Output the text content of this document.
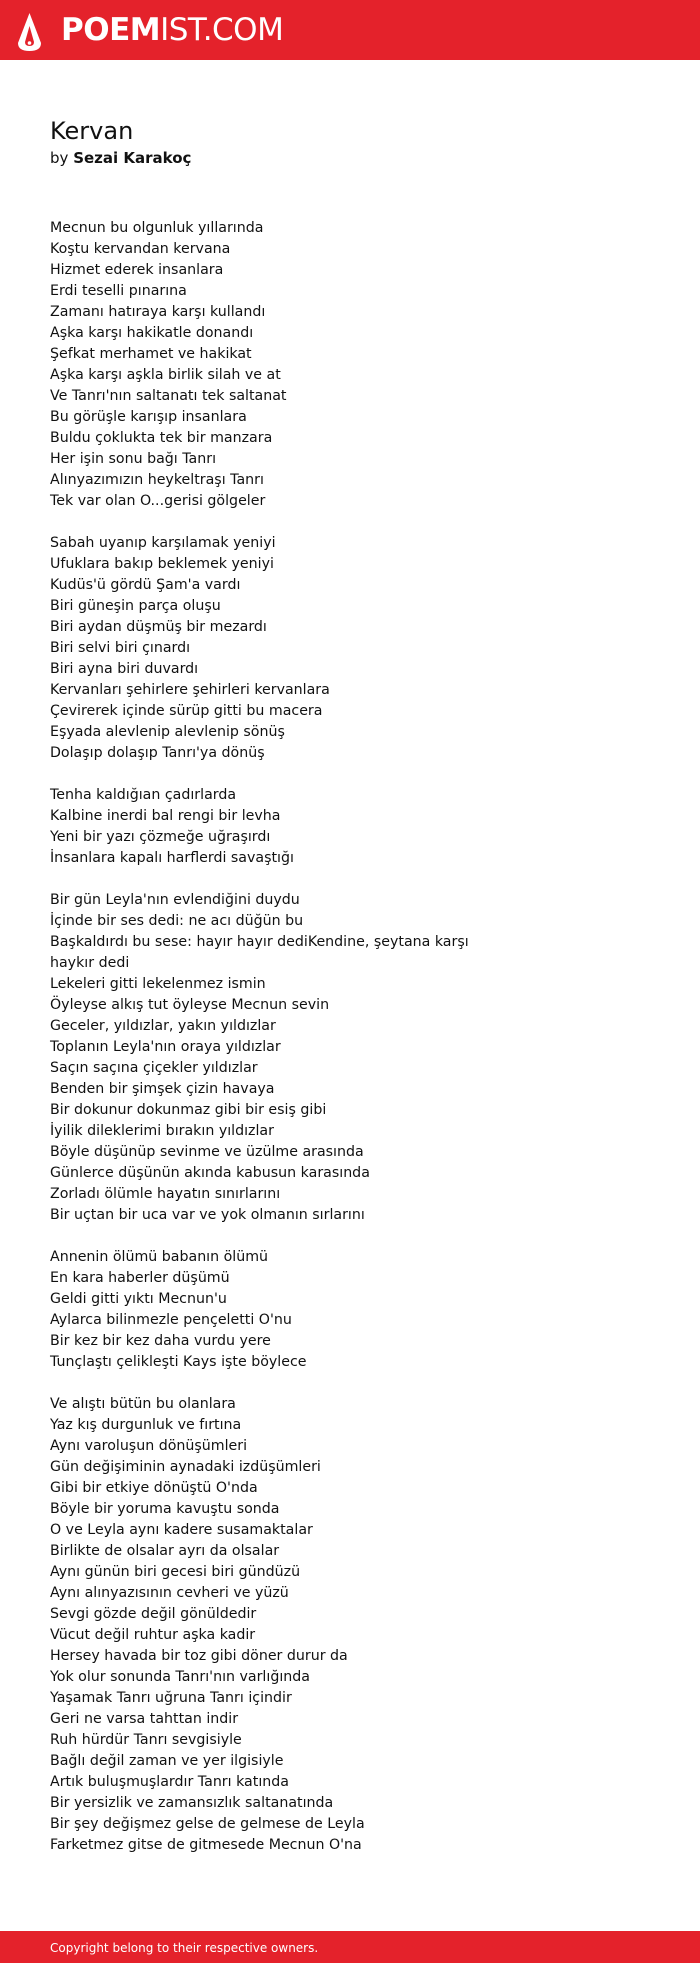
POEMIST.COM
Kervan
by Sezai Karakoç
Mecnun bu olgunluk yıllarında
Koştu kervandan kervana
Hizmet ederek insanlara
Erdi teselli pınarına
Zamanı hatıraya karşı kullandı
Aşka karşı hakikatle donandı
Şefkat merhamet ve hakikat
Aşka karşı aşkla birlik silah ve at
Ve Tanrı'nın saltanatı tek saltanat
Bu görüşle karışıp insanlara
Buldu çoklukta tek bir manzara
Her işin sonu bağı Tanrı
Alınyazımızın heykeltraşı Tanrı
Tek var olan O...gerisi gölgeler
Sabah uyanıp karşılamak yeniyi
Ufuklara bakıp beklemek yeniyi
Kudüs'ü gördü Şam'a vardı
Biri güneşin parça oluşu
Biri aydan düşmüş bir mezardı
Biri selvi biri çınardı
Biri ayna biri duvardı
Kervanları şehirlere şehirleri kervanlara
Çevirerek içinde sürüp gitti bu macera
Eşyada alevlenip alevlenip sönüş
Dolaşıp dolaşıp Tanrı'ya dönüş
Tenha kaldığıan çadırlarda
Kalbine inerdi bal rengi bir levha
Yeni bir yazı çözmeğe uğraşırdı
İnsanlara kapalı harflerdi savaştığı
Bir gün Leyla'nın evlendiğini duydu
İçinde bir ses dedi: ne acı düğün bu
Başkaldırdı bu sese: hayır hayır dediKendine, şeytana karşı haykır dedi
Lekeleri gitti lekelenmez ismin
Öyleyse alkış tut öyleyse Mecnun sevin
Geceler, yıldızlar, yakın yıldızlar
Toplanın Leyla'nın oraya yıldızlar
Saçın saçına çiçekler yıldızlar
Benden bir şimşek çizin havaya
Bir dokunur dokunmaz gibi bir esiş gibi
İyilik dileklerimi bırakın yıldızlar
Böyle düşünüp sevinme ve üzülme arasında
Günlerce düşünün akında kabusun karasında
Zorladı ölümle hayatın sınırlarını
Bir uçtan bir uca var ve yok olmanın sırlarını
Annenin ölümü babanın ölümü
En kara haberler düşümü
Geldi gitti yıktı Mecnun'u
Aylarca bilinmezle pençeletti O'nu
Bir kez bir kez daha vurdu yere
Tunçlaştı çelikleşti Kays işte böylece
Ve alıştı bütün bu olanlara
Yaz kış durgunluk ve fırtına
Aynı varoluşun dönüşümleri
Gün değişiminin aynadaki izdüşümleri
Gibi bir etkiye dönüştü O'nda
Böyle bir yoruma kavuştu sonda
O ve Leyla aynı kadere susamaktalar
Birlikte de olsalar ayrı da olsalar
Aynı günün biri gecesi biri gündüzü
Aynı alınyazısının cevheri ve yüzü
Sevgi gözde değil gönüldedir
Vücut değil ruhtur aşka kadir
Hersey havada bir toz gibi döner durur da
Yok olur sonunda Tanrı'nın varlığında
Yaşamak Tanrı uğruna Tanrı içindir
Geri ne varsa tahttan indir
Ruh hürdür Tanrı sevgisiyle
Bağlı değil zaman ve yer ilgisiyle
Artık buluşmuşlardır Tanrı katında
Bir yersizlik ve zamansızlık saltanatında
Bir şey değişmez gelse de gelmese de Leyla
Farketmez gitse de gitmesede Mecnun O'na
Copyright belong to their respective owners.
